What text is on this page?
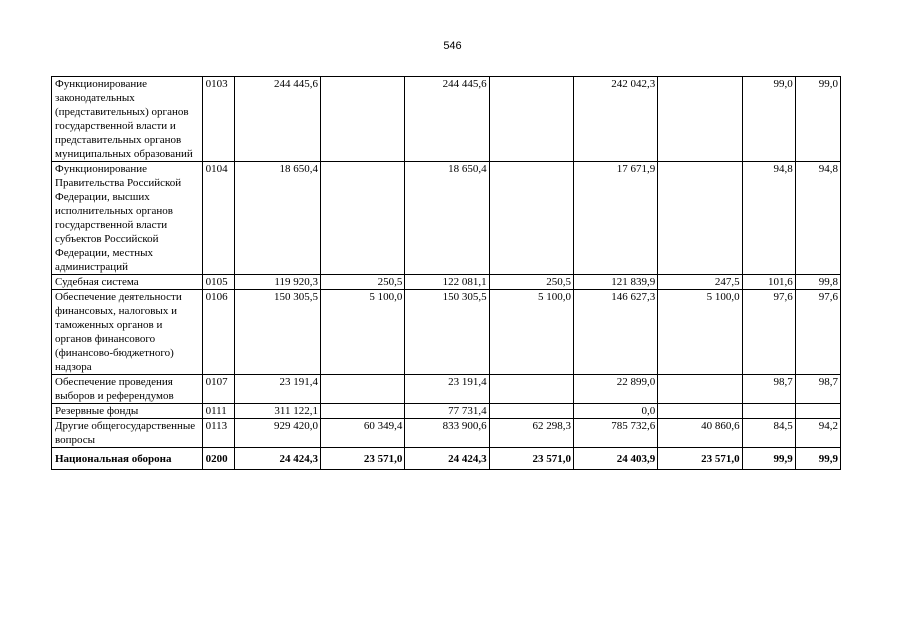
546
Функционирование законодательных (представительных) органов государственной власти и представительных органов муниципальных образований	0103	244 445,6		244 445,6		242 042,3		99,0	99,0
Функционирование Правительства Российской Федерации, высших исполнительных органов государственной власти субъектов Российской Федерации, местных администраций	0104	18 650,4		18 650,4		17 671,9		94,8	94,8
Судебная система	0105	119 920,3	250,5	122 081,1	250,5	121 839,9	247,5	101,6	99,8
Обеспечение деятельности финансовых, налоговых и таможенных органов и органов финансового (финансово-бюджетного) надзора	0106	150 305,5	5 100,0	150 305,5	5 100,0	146 627,3	5 100,0	97,6	97,6
Обеспечение проведения выборов и референдумов	0107	23 191,4		23 191,4		22 899,0		98,7	98,7
Резервные фонды	0111	311 122,1		77 731,4		0,0			
Другие общегосударственные вопросы	0113	929 420,0	60 349,4	833 900,6	62 298,3	785 732,6	40 860,6	84,5	94,2
Национальная оборона	0200	24 424,3	23 571,0	24 424,3	23 571,0	24 403,9	23 571,0	99,9	99,9
